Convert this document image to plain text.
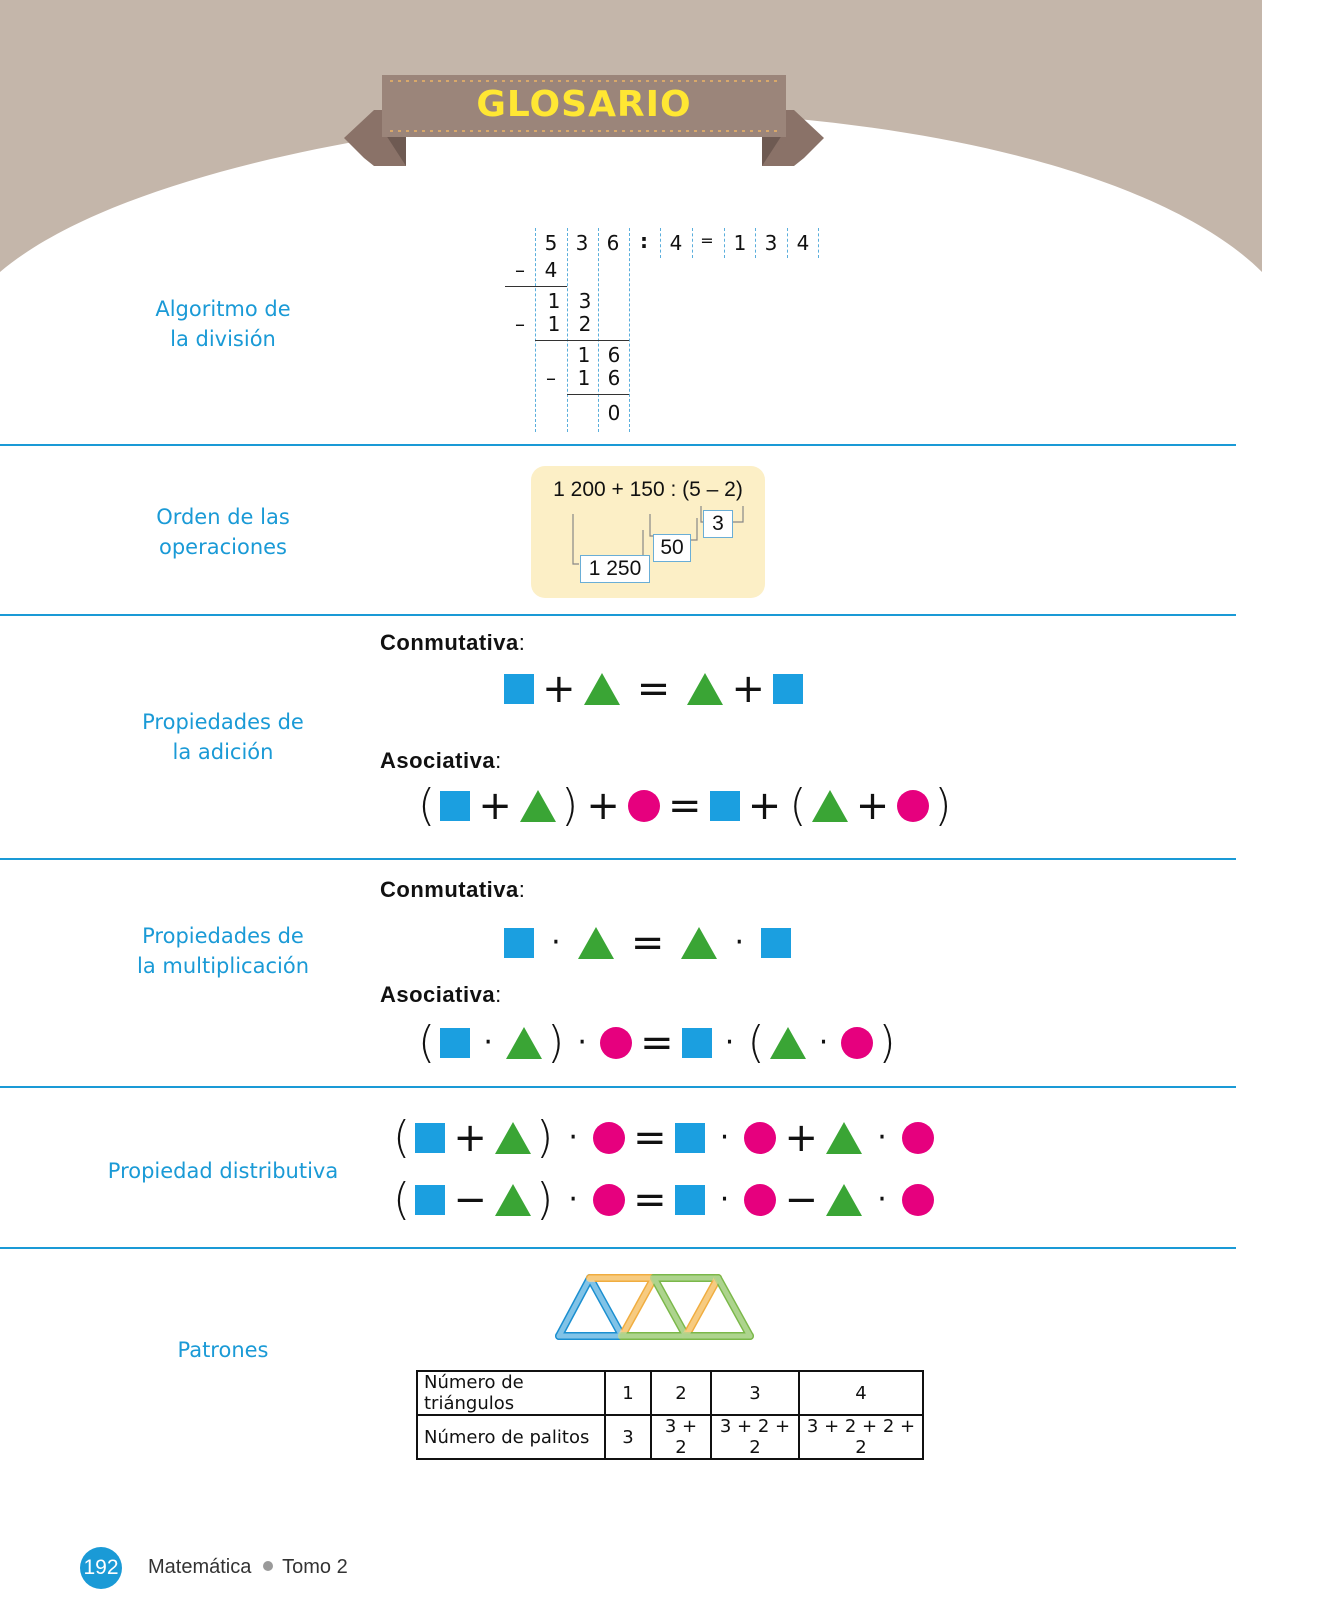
GLOSARIO
Algoritmo de
la división
5 3 6	:	4	= 1 3 4
– 4
1 3
–	1 2
1 6
–	1 6
0
Orden de las
operaciones
1 200 + 150 : (5 – 2)
3
50
1 250
Propiedades de
la adición
Conmutativa:
+ = +
Asociativa:
( + ) + = + ( + )
Propiedades de
la multiplicación
Conmutativa:
· = ·
Asociativa:
( · ) · = · ( · )
Propiedad distributiva
( + ) · = · + ·
( − ) · = · − ·
Patrones
Número de triángulos	1	2	3	4
Número de palitos	3	3 + 2	3 + 2 + 2	3 + 2 + 2 + 2
192 Matemática Tomo 2
